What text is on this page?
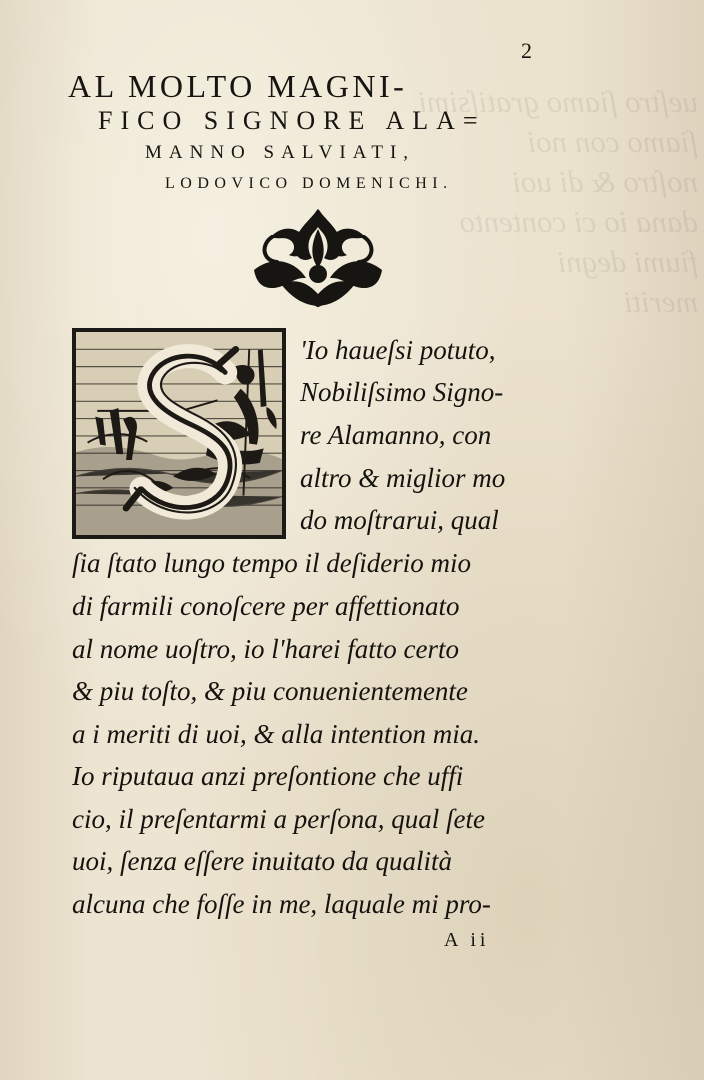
ueſtro ſiamo gratiſsimi
ſiamo con noi
noſtro & di uoi
dana io ci contento
fiumi degni
meriti

2
AL MOLTO MAGNI-
FICO SIGNORE ALA=
MANNO SALVIATI,
LODOVICO DOMENICHI.
'Io haueſsi potuto,
Nobiliſsimo Signo-
re Alamanno, con
altro & miglior mo
do moſtrarui, qual
ſia ſtato lungo tempo il deſiderio mio
di farmili conoſcere per affettionato
al nome uoſtro, io l'harei fatto certo
& piu toſto, & piu conuenientemente
a i meriti di uoi, & alla intention mia.
Io riputaua anzi preſontione che uffi
cio, il preſentarmi a perſona, qual ſete
uoi, ſenza eſſere inuitato da qualità
alcuna che foſſe in me, laquale mi pro-
A ii
